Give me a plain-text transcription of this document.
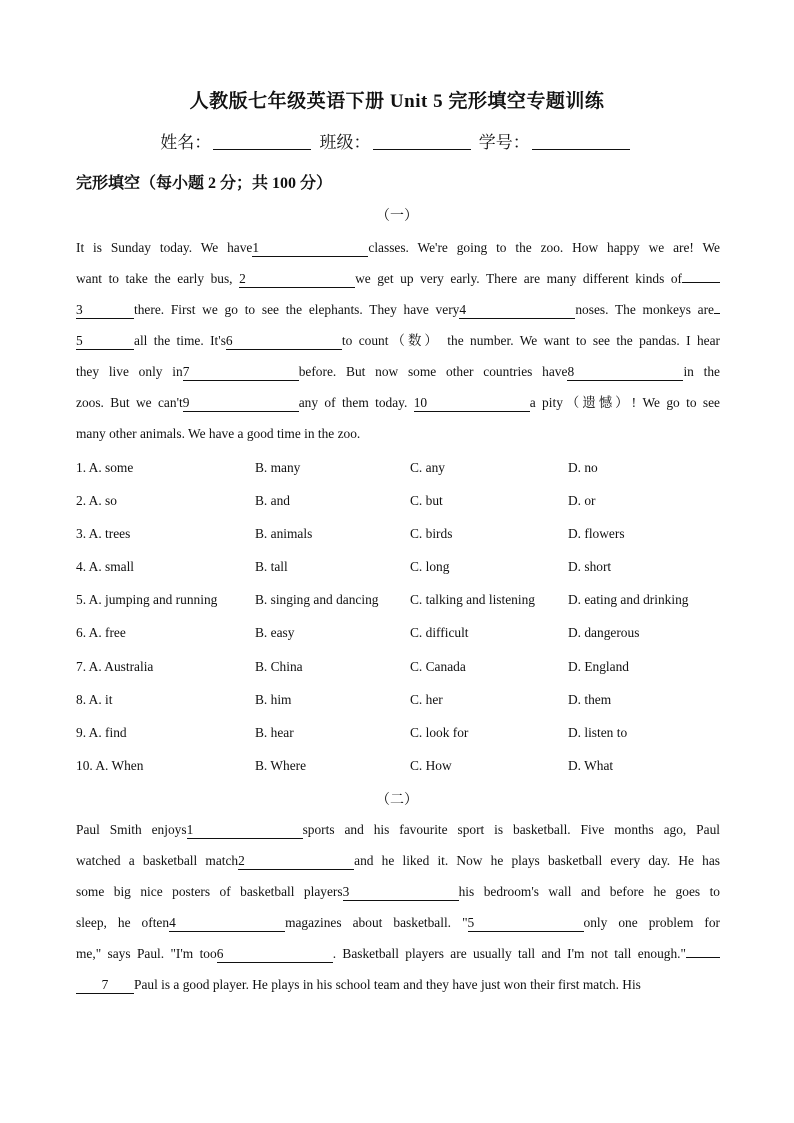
人教版七年级英语下册 Unit 5 完形填空专题训练
姓名：	班级：	学号：
完形填空（每小题 2 分；共 100 分）
（一）
It is Sunday today. We have1	classes. We're going to the zoo. How happy we are! We
want to take the early bus, 2	we get up very early. There are many different kinds of
3	there. First we go to see the elephants. They have very4	noses. The monkeys are
5	all the time. It's6	to count（数） the number. We want to see the pandas. I hear
they live only in7	before. But now some other countries have8	in the
zoos. But we can't9	any of them today. 10	a pity（遗憾）! We go to see
many other animals. We have a good time in the zoo.
1. A. some	B. many	C. any	D. no
2. A. so	B. and	C. but	D. or
3. A. trees	B. animals	C. birds	D. flowers
4. A. small	B. tall	C. long	D. short
5. A. jumping and running	B. singing and dancing C. talking and listening D. eating and drinking
6. A. free	B. easy	C. difficult	D. dangerous
7. A. Australia	B. China	C. Canada	D. England
8. A. it	B. him	C. her	D. them
9. A. find	B. hear	C. look for	D. listen to
10. A. When	B. Where	C. How	D. What
（二）
Paul Smith enjoys1	sports and his favourite sport is basketball. Five months ago, Paul
watched a basketball match2	and he liked it. Now he plays basketball every day. He has
some big nice posters of basketball players3	his bedroom's wall and before he goes to
sleep, he often4	magazines about basketball. "5	only one problem for
me," says Paul. "I'm too6	. Basketball players are usually tall and I'm not tall enough."
7 Paul is a good player. He plays in his school team and they have just won their first match. His
